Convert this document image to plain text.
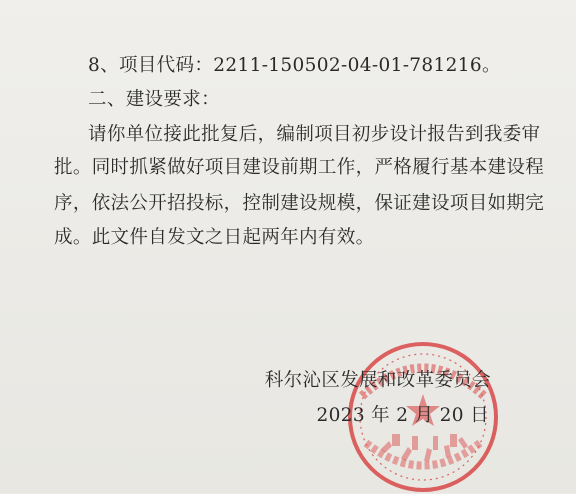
8、项目代码：2211-150502-04-01-781216。
二、建设要求：
请你单位接此批复后，编制项目初步设计报告到我委审
批。同时抓紧做好项目建设前期工作，严格履行基本建设程
序，依法公开招投标，控制建设规模，保证建设项目如期完
成。此文件自发文之日起两年内有效。
科尔沁区发展和改革委员会
2023 年 2 月 20 日
